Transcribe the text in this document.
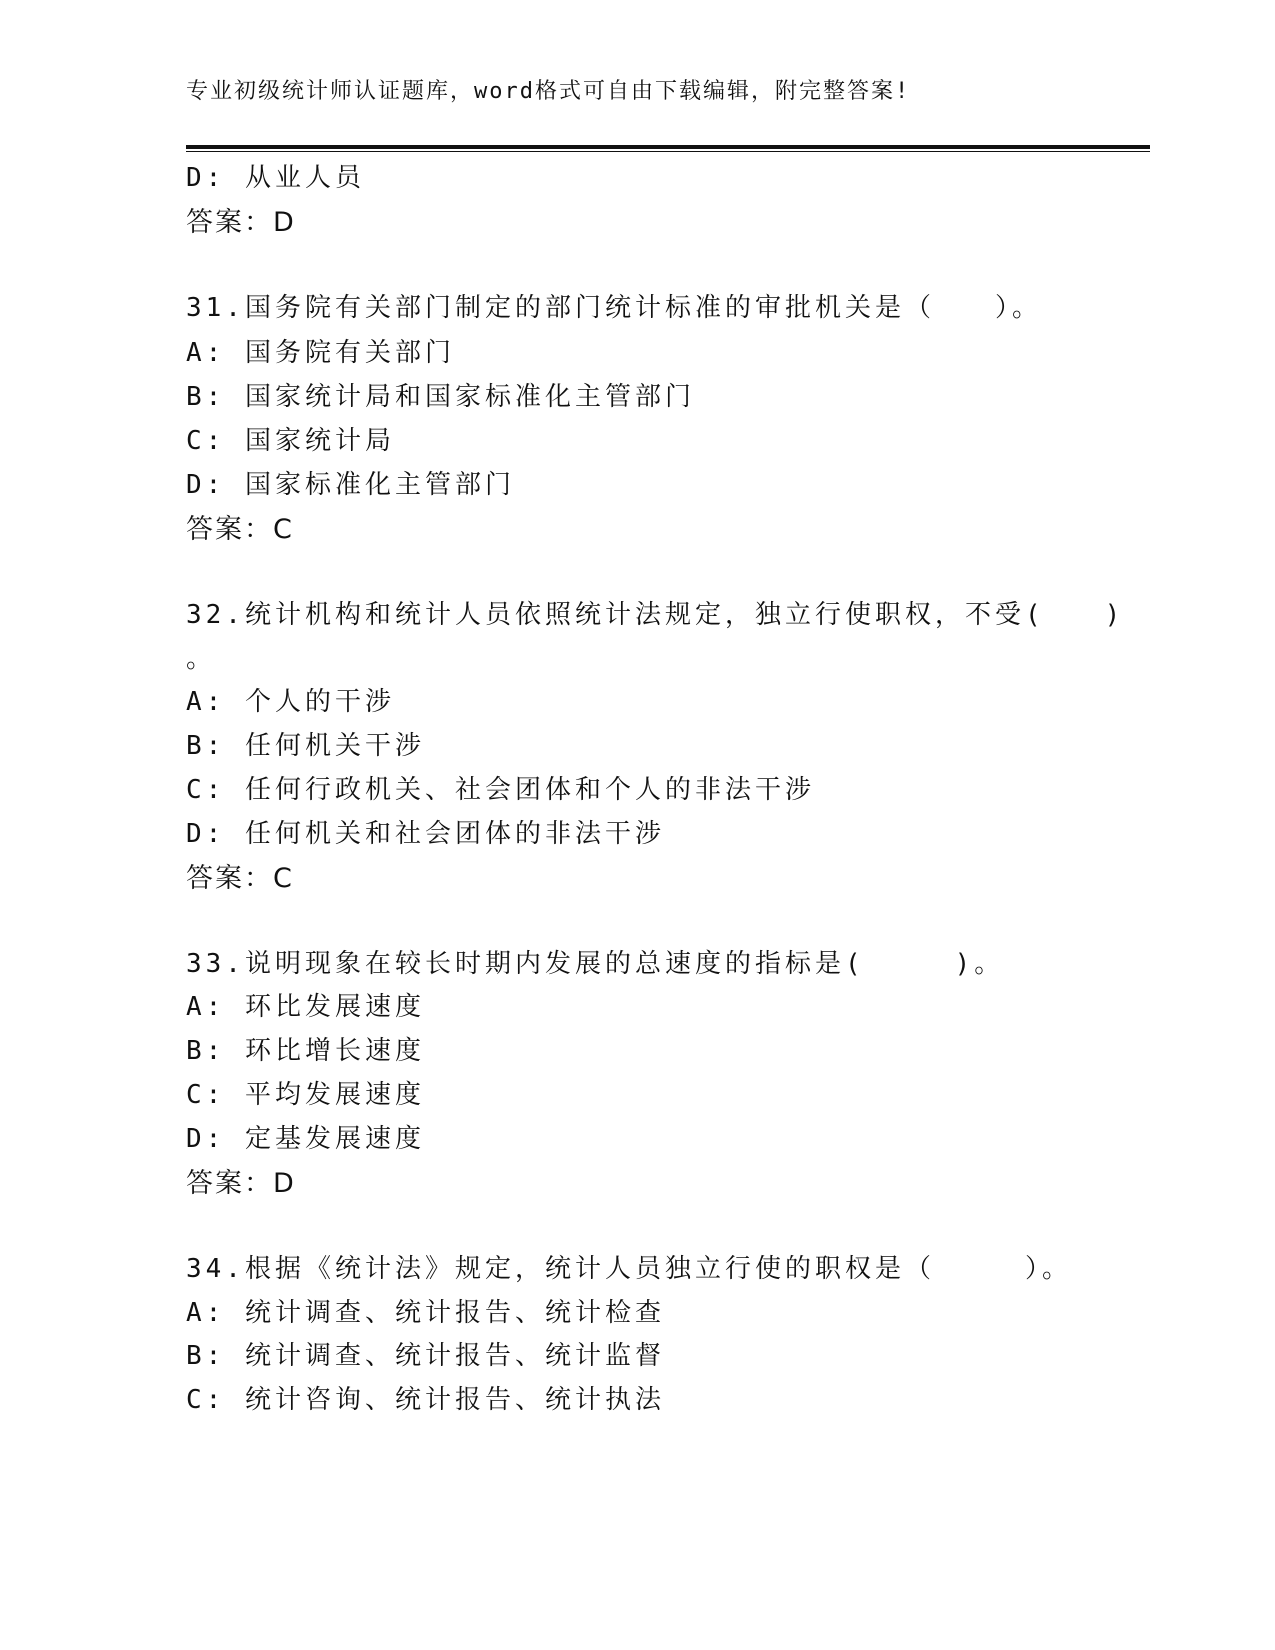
专业初级统计师认证题库，word格式可自由下载编辑，附完整答案!
D: 从业人员
答案：D
31.国务院有关部门制定的部门统计标准的审批机关是（　　）。
A: 国务院有关部门
B: 国家统计局和国家标准化主管部门
C: 国家统计局
D: 国家标准化主管部门
答案：C
32.统计机构和统计人员依照统计法规定，独立行使职权，不受(　　)
。
A: 个人的干涉
B: 任何机关干涉
C: 任何行政机关、社会团体和个人的非法干涉
D: 任何机关和社会团体的非法干涉
答案：C
33.说明现象在较长时期内发展的总速度的指标是(　　　)。
A: 环比发展速度
B: 环比增长速度
C: 平均发展速度
D: 定基发展速度
答案：D
34.根据《统计法》规定，统计人员独立行使的职权是（　　　）。
A: 统计调查、统计报告、统计检查
B: 统计调查、统计报告、统计监督
C: 统计咨询、统计报告、统计执法
